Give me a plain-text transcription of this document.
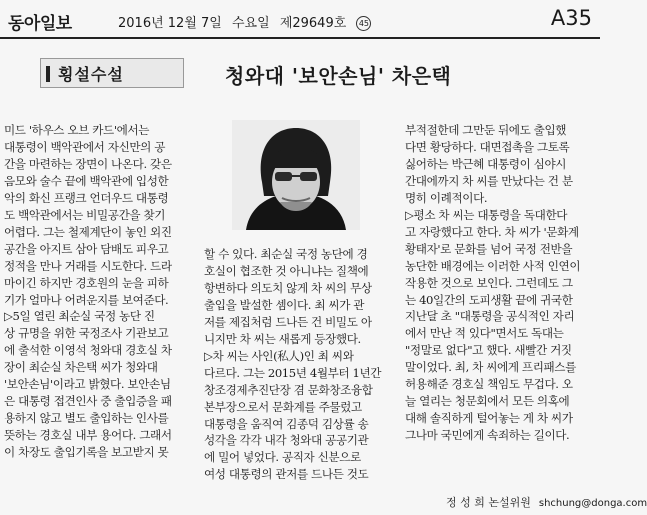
동아일보	2016년 12월 7일 수요일 제29649호 45	A35
횡설수설	청와대 '보안손님' 차은택
미드 '하우스 오브 카드'에서는
대통령이 백악관에서 자신만의 공
간을 마련하는 장면이 나온다. 갖은
음모와 술수 끝에 백악관에 입성한
악의 화신 프랭크 언더우드 대통령
도 백악관에서는 비밀공간을 찾기
어렵다. 그는 철제계단이 놓인 외진
공간을 아지트 삼아 담배도 피우고
정적을 만나 거래를 시도한다. 드라
마이긴 하지만 경호원의 눈을 피하
기가 얼마나 어려운지를 보여준다.
▷5일 열린 최순실 국정 농단 진
상 규명을 위한 국정조사 기관보고
에 출석한 이영석 청와대 경호실 차
장이 최순실 차은택 씨가 청와대
'보안손님'이라고 밝혔다. 보안손님
은 대통령 접견인사 중 출입증을 패
용하지 않고 별도 출입하는 인사를
뜻하는 경호실 내부 용어다. 그래서
이 차장도 출입기록을 보고받지 못
할 수 있다. 최순실 국정 농단에 경
호실이 협조한 것 아니냐는 질책에
항변하다 의도치 않게 차 씨의 무상
출입을 발설한 셈이다. 최 씨가 관
저를 제집처럼 드나든 건 비밀도 아
니지만 차 씨는 새롭게 등장했다.
▷차 씨는 사인(私人)인 최 씨와
다르다. 그는 2015년 4월부터 1년간
창조경제추진단장 겸 문화창조융합
본부장으로서 문화계를 주물렀고
대통령을 움직여 김종덕 김상률 송
성각을 각각 내각 청와대 공공기관
에 밀어 넣었다. 공직자 신분으로
여성 대통령의 관저를 드나든 것도
부적절한데 그만둔 뒤에도 출입했
다면 황당하다. 대면접촉을 그토록
싫어하는 박근혜 대통령이 심야시
간대에까지 차 씨를 만났다는 건 분
명히 이례적이다.
▷평소 차 씨는 대통령을 독대한다
고 자랑했다고 한다. 차 씨가 '문화계
황태자'로 문화를 넘어 국정 전반을
농단한 배경에는 이러한 사적 인연이
작용한 것으로 보인다. 그런데도 그
는 40일간의 도피생활 끝에 귀국한
지난달 초 "대통령을 공식적인 자리
에서 만난 적 있다"면서도 독대는
"정말로 없다"고 했다. 새빨간 거짓
말이었다. 최, 차 씨에게 프리패스를
허용해준 경호실 책임도 무겁다. 오
늘 열리는 청문회에서 모든 의혹에
대해 솔직하게 털어놓는 게 차 씨가
그나마 국민에게 속죄하는 길이다.
정 성 희 논설위원 shchung@donga.com
